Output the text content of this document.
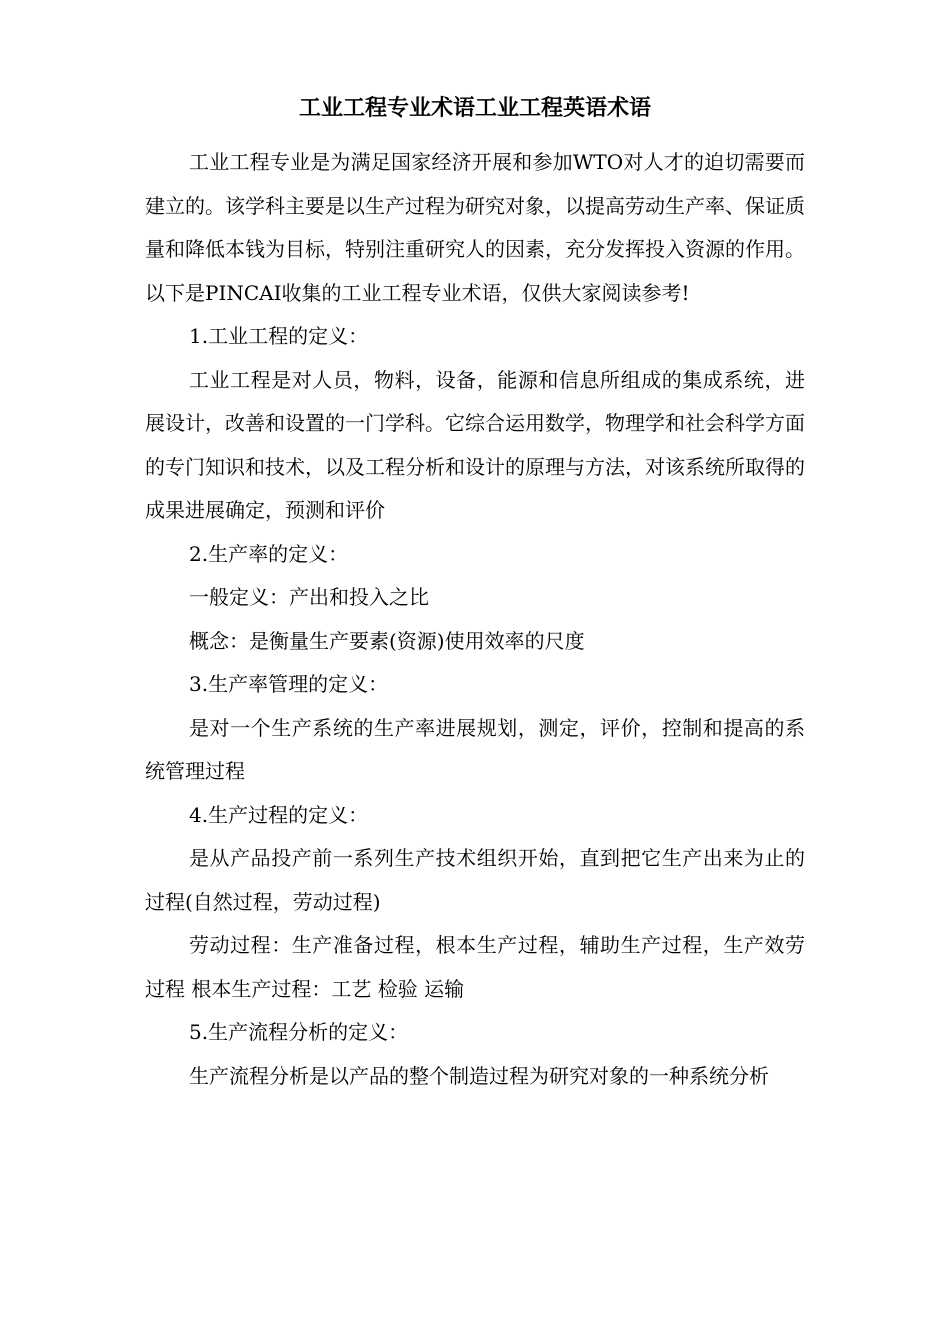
工业工程专业术语工业工程英语术语

工业工程专业是为满足国家经济开展和参加WTO对人才的迫切需要而建立的。该学科主要是以生产过程为研究对象，以提高劳动生产率、保证质量和降低本钱为目标，特别注重研究人的因素，充分发挥投入资源的作用。以下是PINCAI收集的工业工程专业术语，仅供大家阅读参考!

1.工业工程的定义：

工业工程是对人员，物料，设备，能源和信息所组成的集成系统，进展设计，改善和设置的一门学科。它综合运用数学，物理学和社会科学方面的专门知识和技术，以及工程分析和设计的原理与方法，对该系统所取得的成果进展确定，预测和评价

2.生产率的定义：

一般定义：产出和投入之比

概念：是衡量生产要素(资源)使用效率的尺度

3.生产率管理的定义：

是对一个生产系统的生产率进展规划，测定，评价，控制和提高的系统管理过程

4.生产过程的定义：

是从产品投产前一系列生产技术组织开始，直到把它生产出来为止的过程(自然过程，劳动过程)

劳动过程：生产准备过程，根本生产过程，辅助生产过程，生产效劳过程 根本生产过程：工艺 检验 运输

5.生产流程分析的定义：

生产流程分析是以产品的整个制造过程为研究对象的一种系统分析
